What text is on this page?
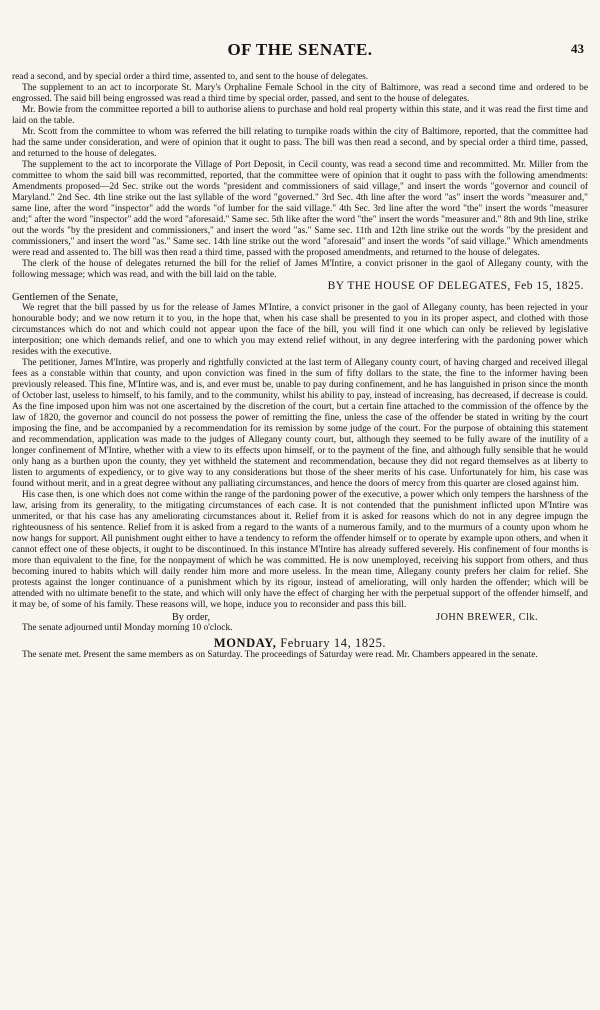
OF THE SENATE.	43

read a second, and by special order a third time, assented to, and sent to the house of delegates.

The supplement to an act to incorporate St. Mary's Orphaline Female School in the city of Baltimore, was read a second time and ordered to be engrossed. The said bill being engrossed was read a third time by special order, passed, and sent to the house of delegates.

Mr. Bowie from the committee reported a bill to authorise aliens to purchase and hold real property within this state, and it was read the first time and laid on the table.

Mr. Scott from the committee to whom was referred the bill relating to turnpike roads within the city of Baltimore, reported, that the committee had had the same under consideration, and were of opinion that it ought to pass. The bill was then read a second, and by special order a third time, passed, and returned to the house of delegates.

The supplement to the act to incorporate the Village of Port Deposit, in Cecil county, was read a second time and recommitted. Mr. Miller from the committee to whom the said bill was recommitted, reported, that the committee were of opinion that it ought to pass with the following amendments: Amendments proposed—2d Sec. strike out the words "president and commissioners of said village," and insert the words "governor and council of Maryland." 2nd Sec. 4th line strike out the last syllable of the word "governed." 3rd Sec. 4th line after the word "as" insert the words "measurer and," same line, after the word "inspector" add the words "of lumber for the said village." 4th Sec. 3rd line after the word "the" insert the words "measurer and;" after the word "inspector" add the word "aforesaid." Same sec. 5th like after the word "the" insert the words "measurer and." 8th and 9th line, strike out the words "by the president and commissioners," and insert the word "as." Same sec. 11th and 12th line strike out the words "by the president and commissioners," and insert the word "as." Same sec. 14th line strike out the word "aforesaid" and insert the words "of said village." Which amendments were read and assented to. The bill was then read a third time, passed with the proposed amendments, and returned to the house of delegates.

The clerk of the house of delegates returned the bill for the relief of James M'Intire, a convict prisoner in the gaol of Allegany county, with the following message; which was read, and with the bill laid on the table.

BY THE HOUSE OF DELEGATES, Feb 15, 1825.
Gentlemen of the Senate,

We regret that the bill passed by us for the release of James M'Intire, a convict prisoner in the gaol of Allegany county, has been rejected in your honourable body; and we now return it to you, in the hope that, when his case shall be presented to you in its proper aspect, and clothed with those circumstances which do not and which could not appear upon the face of the bill, you will find it one which can only be relieved by legislative interposition; one which demands relief, and one to which you may extend relief without, in any degree interfering with the pardoning power which resides with the executive.

The petitioner, James M'Intire, was properly and rightfully convicted at the last term of Allegany county court, of having charged and received illegal fees as a constable within that county, and upon conviction was fined in the sum of fifty dollars to the state, the fine to the informer having been previously released. This fine, M'Intire was, and is, and ever must be, unable to pay during confinement, and he has languished in prison since the month of October last, useless to himself, to his family, and to the community, whilst his ability to pay, instead of increasing, has decreased, if decrease is could. As the fine imposed upon him was not one ascertained by the discretion of the court, but a certain fine attached to the commission of the offence by the law of 1820, the governor and council do not possess the power of remitting the fine, unless the case of the offender be stated in writing by the court imposing the fine, and be accompanied by a recommendation for its remission by some judge of the court. For the purpose of obtaining this statement and recommendation, application was made to the judges of Allegany county court, but, although they seemed to be fully aware of the inutility of a longer confinement of M'Intire, whether with a view to its effects upon himself, or to the payment of the fine, and although fully sensible that he would only hang as a burthen upon the county, they yet withheld the statement and recommendation, because they did not regard themselves as at liberty to listen to arguments of expediency, or to give way to any considerations but those of the sheer merits of his case. Unfortunately for him, his case was found without merit, and in a great degree without any palliating circumstances, and hence the doors of mercy from this quarter are closed against him.

His case then, is one which does not come within the range of the pardoning power of the executive, a power which only tempers the harshness of the law, arising from its generality, to the mitigating circumstances of each case. It is not contended that the punishment inflicted upon M'Intire was unmerited, or that his case has any ameliorating circumstances about it. Relief from it is asked for reasons which do not in any degree impugn the righteousness of his sentence. Relief from it is asked from a regard to the wants of a numerous family, and to the murmurs of a county upon whom he now hangs for support. All punishment ought either to have a tendency to reform the offender himself or to operate by example upon others, and when it cannot effect one of these objects, it ought to be discontinued. In this instance M'Intire has already suffered severely. His confinement of four months is more than equivalent to the fine, for the nonpayment of which he was committed. He is now unemployed, receiving his support from others, and thus becoming inured to habits which will daily render him more and more useless. In the mean time, Allegany county prefers her claim for relief. She protests against the longer continuance of a punishment which by its rigour, instead of ameliorating, will only harden the offender; which will be attended with no ultimate benefit to the state, and which will only have the effect of charging her with the perpetual support of the offender himself, and it may be, of some of his family. These reasons will, we hope, induce you to reconsider and pass this bill.

By order,	JOHN BREWER, Clk.

The senate adjourned until Monday morning 10 o'clock.

MONDAY, February 14, 1825.

The senate met. Present the same members as on Saturday. The proceedings of Saturday were read. Mr. Chambers appeared in the senate.
